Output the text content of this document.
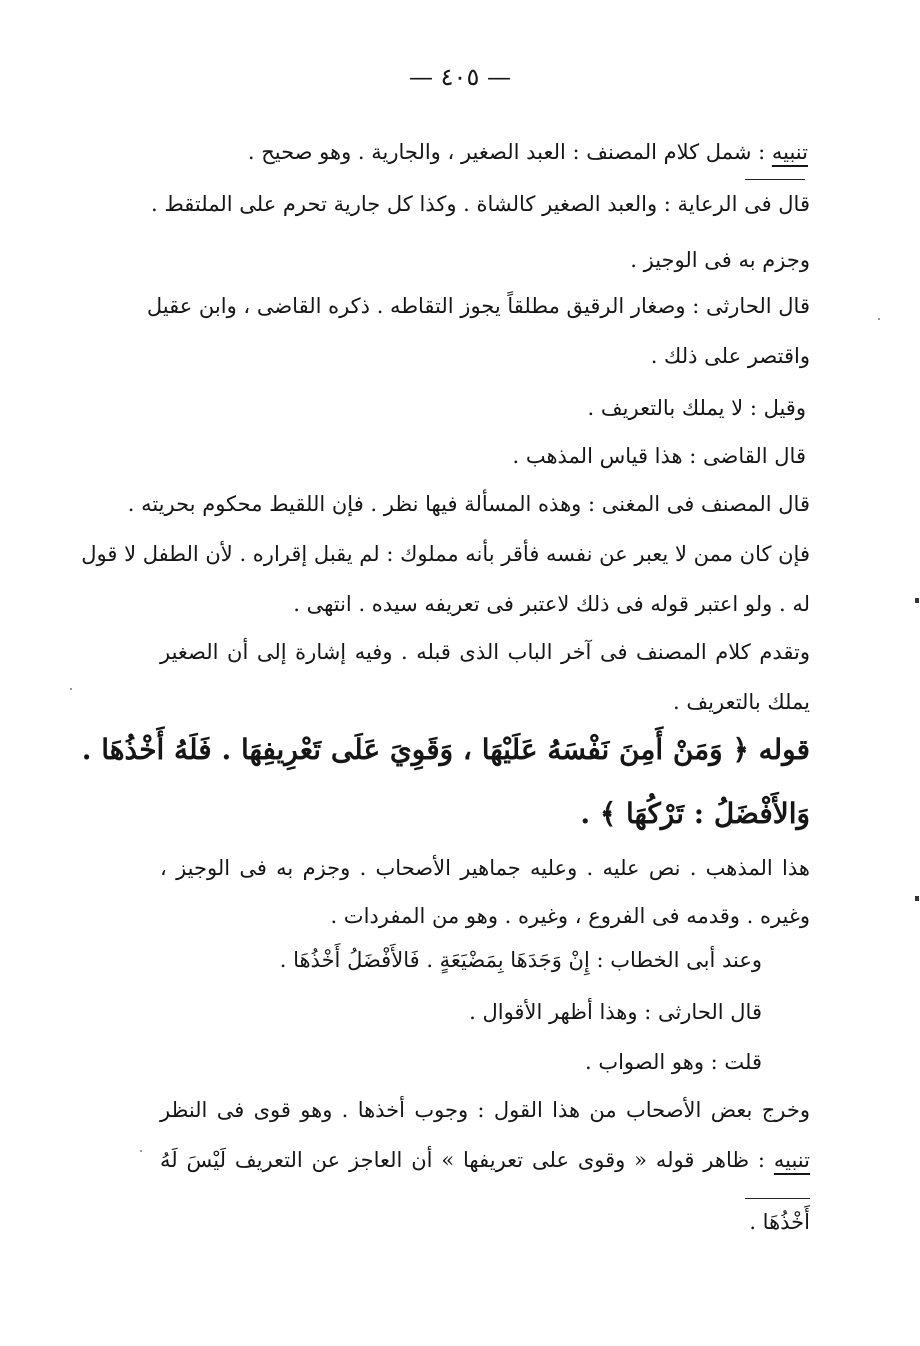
— ٤٠٥ —
تنبيه : شمل كلام المصنف : العبد الصغير ، والجارية . وهو صحيح .
قال فى الرعاية : والعبد الصغير كالشاة . وكذا كل جارية تحرم على الملتقط .
وجزم به فى الوجيز .
قال الحارثى : وصغار الرقيق مطلقاً يجوز التقاطه . ذكره القاضى ، وابن عقيل
واقتصر على ذلك .
وقيل : لا يملك بالتعريف .
قال القاضى : هذا قياس المذهب .
قال المصنف فى المغنى : وهذه المسألة فيها نظر . فإن اللقيط محكوم بحريته .
فإن كان ممن لا يعبر عن نفسه فأقر بأنه مملوك : لم يقبل إقراره . لأن الطفل لا قول
له . ولو اعتبر قوله فى ذلك لاعتبر فى تعريفه سيده . انتهى .
وتقدم كلام المصنف فى آخر الباب الذى قبله . وفيه إشارة إلى أن الصغير
يملك بالتعريف .
قوله ﴿ وَمَنْ أَمِنَ نَفْسَهُ عَلَيْهَا ، وَقَوِيَ عَلَى تَعْرِيفِهَا . فَلَهُ أَخْذُهَا .
وَالأَفْضَلُ : تَرْكُهَا ﴾ .
هذا المذهب . نص عليه . وعليه جماهير الأصحاب . وجزم به فى الوجيز ،
وغيره . وقدمه فى الفروع ، وغيره . وهو من المفردات .
وعند أبى الخطاب : إِنْ وَجَدَهَا بِمَضْيَعَةٍ . فَالأَفْضَلُ أَخْذُهَا .
قال الحارثى : وهذا أظهر الأقوال .
قلت : وهو الصواب .
وخرج بعض الأصحاب من هذا القول : وجوب أخذها . وهو قوى فى النظر
تنبيه : ظاهر قوله « وقوى على تعريفها » أن العاجز عن التعريف لَيْسَ لَهُ
أَخْذُهَا .
